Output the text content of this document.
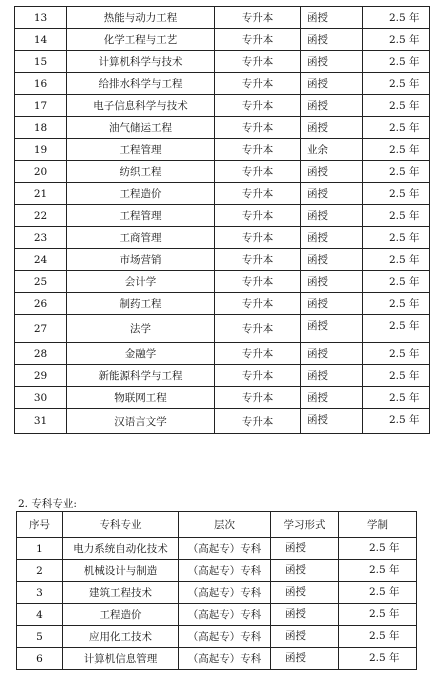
13	热能与动力工程	专升本	函授	2.5 年
14	化学工程与工艺	专升本	函授	2.5 年
15	计算机科学与技术	专升本	函授	2.5 年
16	给排水科学与工程	专升本	函授	2.5 年
17	电子信息科学与技术	专升本	函授	2.5 年
18	油气储运工程	专升本	函授	2.5 年
19	工程管理	专升本	业余	2.5 年
20	纺织工程	专升本	函授	2.5 年
21	工程造价	专升本	函授	2.5 年
22	工程管理	专升本	函授	2.5 年
23	工商管理	专升本	函授	2.5 年
24	市场营销	专升本	函授	2.5 年
25	会计学	专升本	函授	2.5 年
26	制药工程	专升本	函授	2.5 年
27	法学	专升本	函授	2.5 年
28	金融学	专升本	函授	2.5 年
29	新能源科学与工程	专升本	函授	2.5 年
30	物联网工程	专升本	函授	2.5 年
31	汉语言文学	专升本	函授	2.5 年
2. 专科专业:
序号	专科专业	层次	学习形式	学制
1	电力系统自动化技术	（高起专）专科	函授	2.5 年
2	机械设计与制造	（高起专）专科	函授	2.5 年
3	建筑工程技术	（高起专）专科	函授	2.5 年
4	工程造价	（高起专）专科	函授	2.5 年
5	应用化工技术	（高起专）专科	函授	2.5 年
6	计算机信息管理	（高起专）专科	函授	2.5 年
